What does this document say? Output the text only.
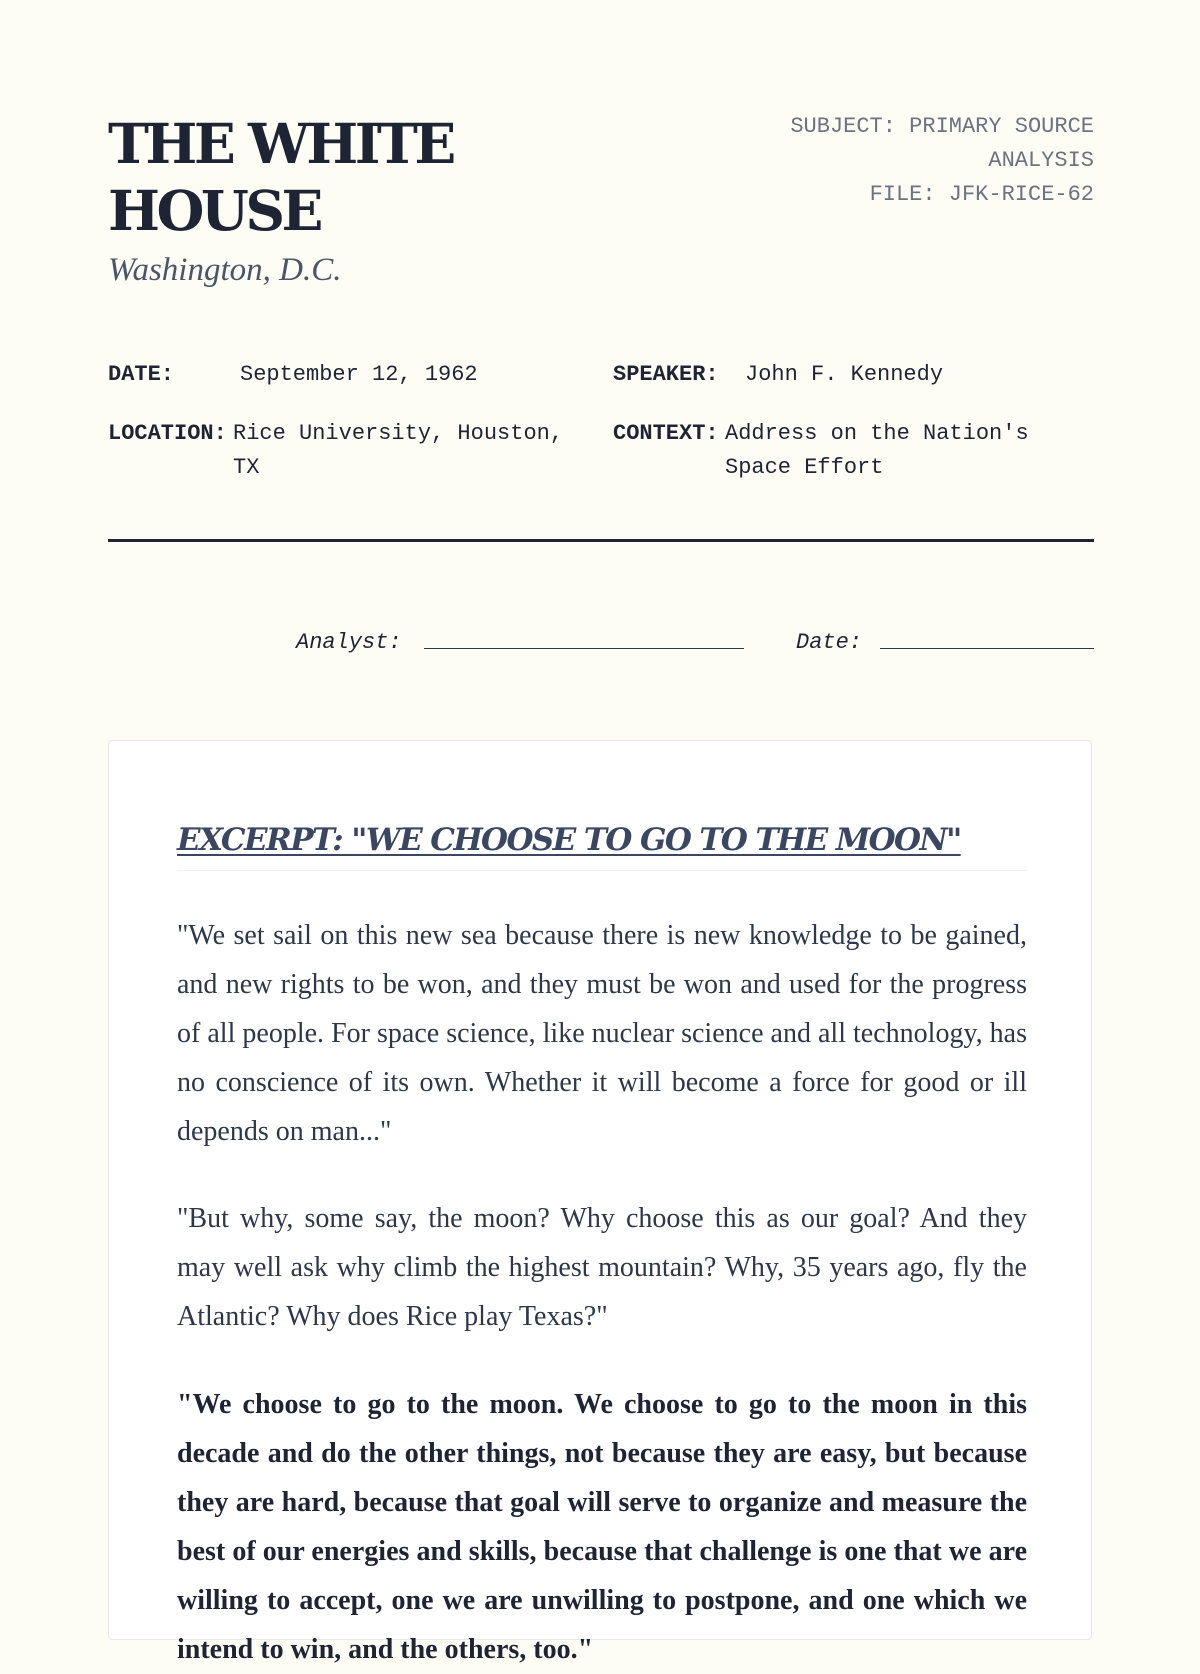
THE WHITE HOUSE
Washington, D.C.
SUBJECT: PRIMARY SOURCE
ANALYSIS
FILE: JFK-RICE-62
DATE:	September 12, 1962	SPEAKER:	John F. Kennedy
LOCATION: Rice University, Houston, TX
CONTEXT: Address on the Nation's Space Effort
Analyst:	Date:
EXCERPT: "WE CHOOSE TO GO TO THE MOON"

"We set sail on this new sea because there is new knowledge to be gained, and new rights to be won, and they must be won and used for the progress of all people. For space science, like nuclear science and all technology, has no conscience of its own. Whether it will become a force for good or ill depends on man..."

"But why, some say, the moon? Why choose this as our goal? And they may well ask why climb the highest mountain? Why, 35 years ago, fly the Atlantic? Why does Rice play Texas?"

"We choose to go to the moon. We choose to go to the moon in this decade and do the other things, not because they are easy, but because they are hard, because that goal will serve to organize and measure the best of our energies and skills, because that challenge is one that we are willing to accept, one we are unwilling to postpone, and one which we intend to win, and the others, too."
